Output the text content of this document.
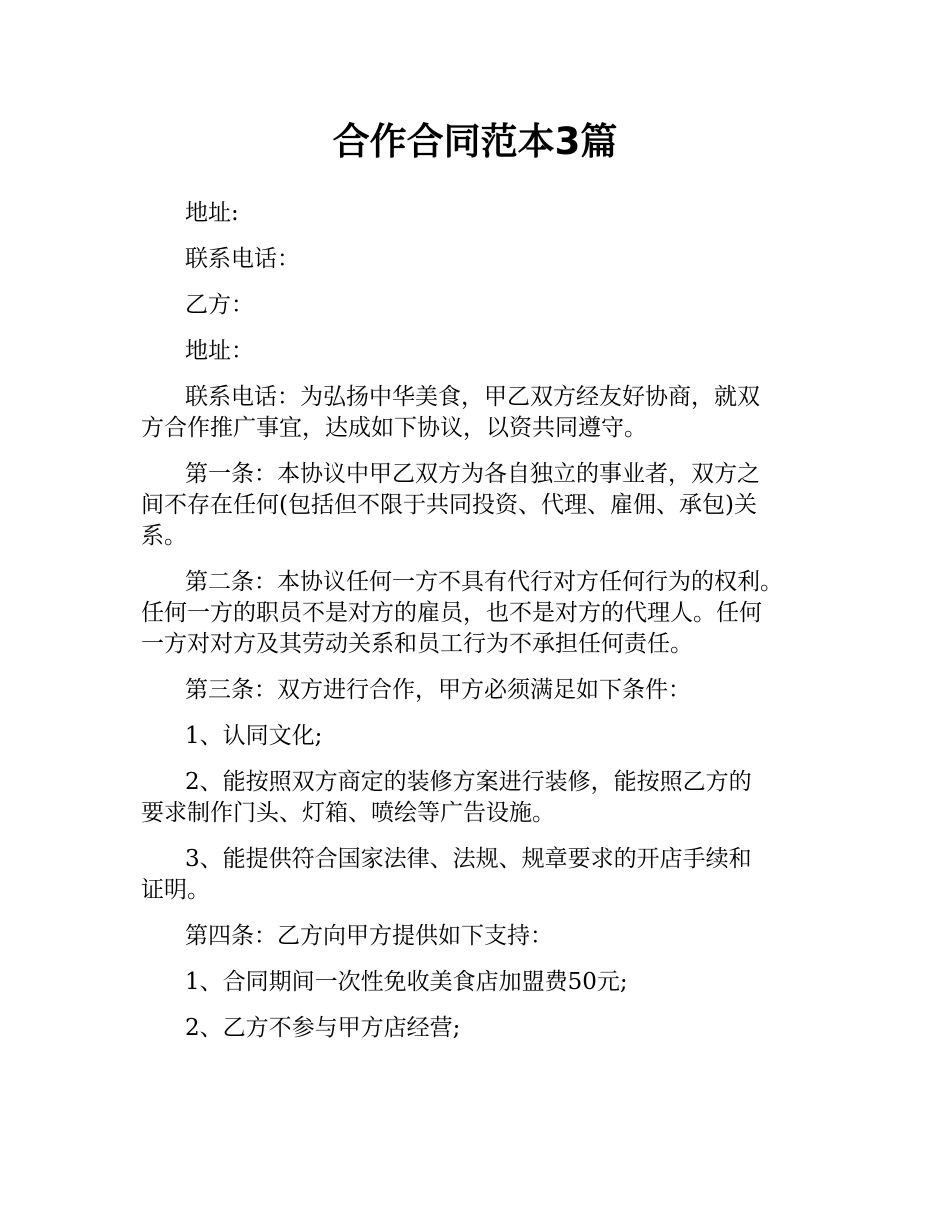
合作合同范本3篇

地址:

联系电话：

乙方：

地址：

联系电话：为弘扬中华美食，甲乙双方经友好协商，就双
方合作推广事宜，达成如下协议，以资共同遵守。

第一条：本协议中甲乙双方为各自独立的事业者，双方之
间不存在任何(包括但不限于共同投资、代理、雇佣、承包)关
系。

第二条：本协议任何一方不具有代行对方任何行为的权利。
任何一方的职员不是对方的雇员，也不是对方的代理人。任何
一方对对方及其劳动关系和员工行为不承担任何责任。

第三条：双方进行合作，甲方必须满足如下条件：

1、认同文化;

2、能按照双方商定的装修方案进行装修，能按照乙方的
要求制作门头、灯箱、喷绘等广告设施。

3、能提供符合国家法律、法规、规章要求的开店手续和
证明。

第四条：乙方向甲方提供如下支持：

1、合同期间一次性免收美食店加盟费50元;

2、乙方不参与甲方店经营;
